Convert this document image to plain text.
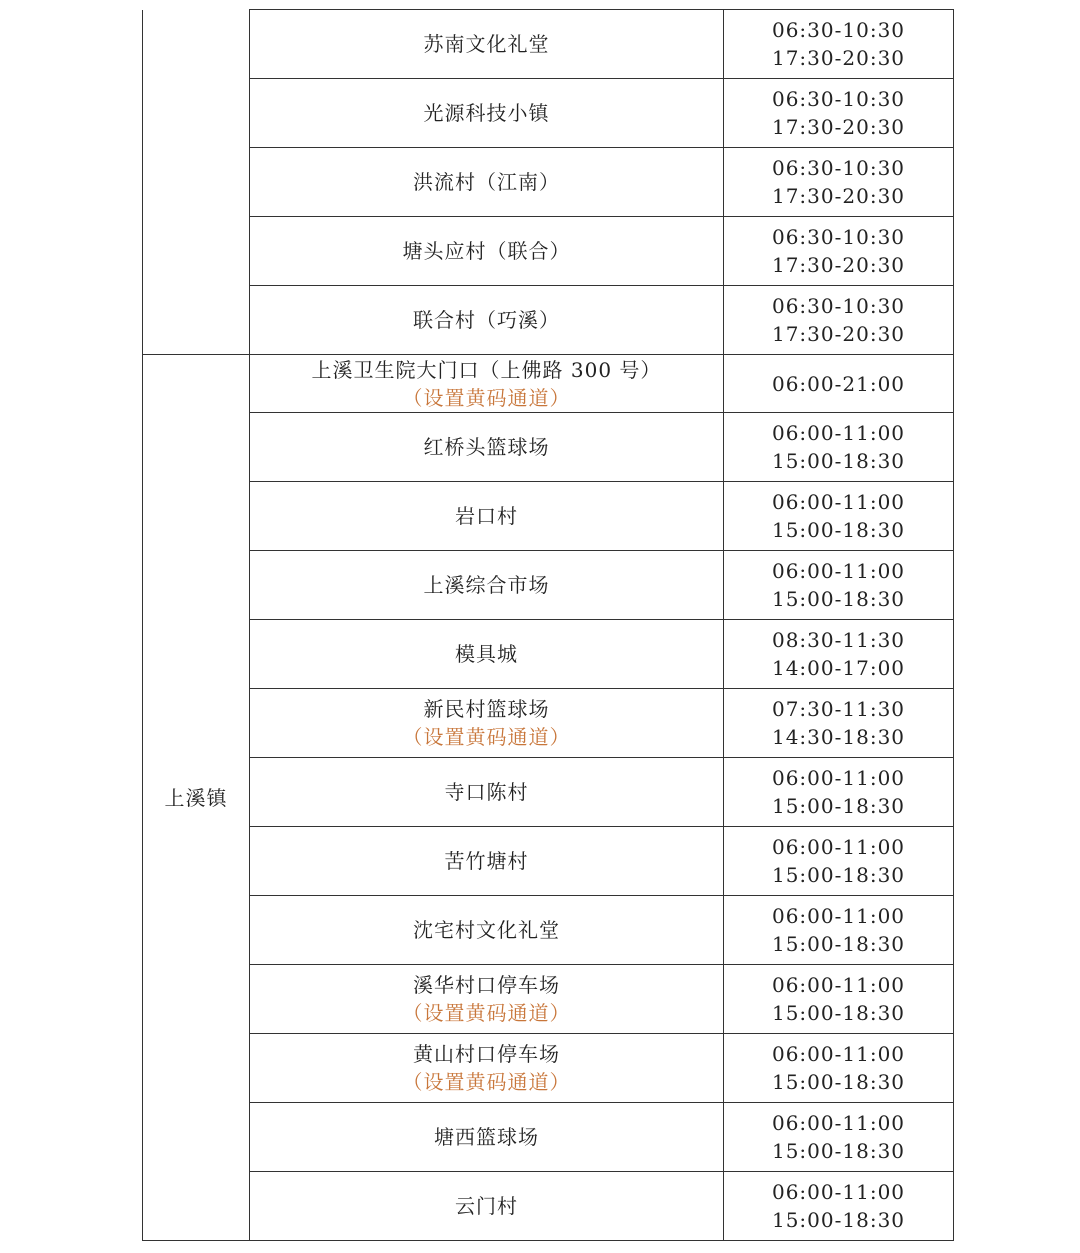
	苏南文化礼堂	06:30-10:30
17:30-20:30

	光源科技小镇	06:30-10:30
17:30-20:30

	洪流村（江南）	06:30-10:30
17:30-20:30

	塘头应村（联合）	06:30-10:30
17:30-20:30

	联合村（巧溪）	06:30-10:30
17:30-20:30

上溪镇	上溪卫生院大门口（上佛路 300 号）
（设置黄码通道）	06:00-21:00

	红桥头篮球场	06:00-11:00
15:00-18:30

	岩口村	06:00-11:00
15:00-18:30

	上溪综合市场	06:00-11:00
15:00-18:30

	模具城	08:30-11:30
14:00-17:00

	新民村篮球场
（设置黄码通道）	07:30-11:30
14:30-18:30

	寺口陈村	06:00-11:00
15:00-18:30

	苦竹塘村	06:00-11:00
15:00-18:30

	沈宅村文化礼堂	06:00-11:00
15:00-18:30

	溪华村口停车场
（设置黄码通道）	06:00-11:00
15:00-18:30

	黄山村口停车场
（设置黄码通道）	06:00-11:00
15:00-18:30

	塘西篮球场	06:00-11:00
15:00-18:30

	云门村	06:00-11:00
15:00-18:30
